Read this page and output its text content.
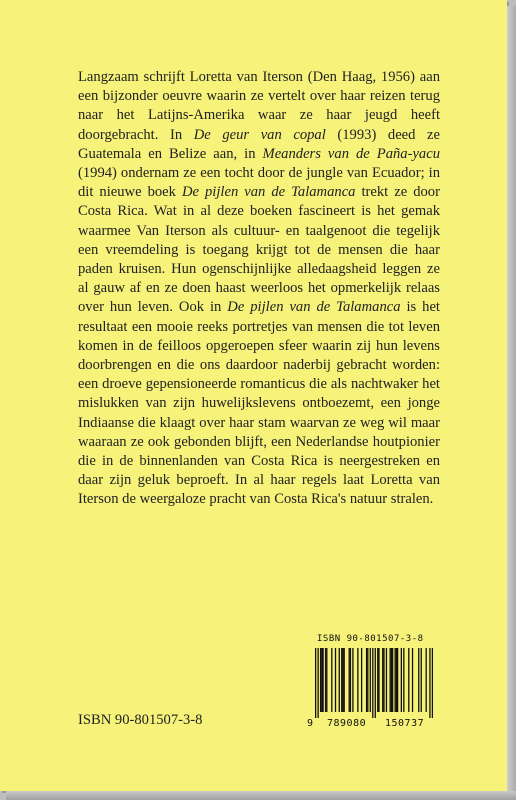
Langzaam schrijft Loretta van Iterson (Den Haag, 1956) aan een bijzonder oeuvre waarin ze vertelt over haar reizen terug naar het Latijns-Amerika waar ze haar jeugd heeft doorgebracht. In De geur van copal (1993) deed ze Guatemala en Belize aan, in Meanders van de Paña-yacu (1994) ondernam ze een tocht door de jungle van Ecuador; in dit nieuwe boek De pijlen van de Talamanca trekt ze door Costa Rica. Wat in al deze boeken fascineert is het gemak waarmee Van Iterson als cultuur- en taalgenoot die tegelijk een vreemdeling is toegang krijgt tot de mensen die haar paden kruisen. Hun ogenschijnlijke alledaagsheid leggen ze al gauw af en ze doen haast weerloos het opmerkelijk relaas over hun leven. Ook in De pijlen van de Talamanca is het resultaat een mooie reeks portretjes van mensen die tot leven komen in de feilloos opgeroepen sfeer waarin zij hun levens doorbrengen en die ons daardoor naderbij gebracht worden: een droeve gepensioneerde romanticus die als nachtwaker het mislukken van zijn huwelijkslevens ontboezemt, een jonge Indiaanse die klaagt over haar stam waarvan ze weg wil maar waaraan ze ook gebonden blijft, een Nederlandse houtpionier die in de binnenlanden van Costa Rica is neergestreken en daar zijn geluk beproeft. In al haar regels laat Loretta van Iterson de weergaloze pracht van Costa Rica's natuur stralen.

ISBN 90-801507-3-8
ISBN 90-801507-3-8
9 789080 150737
